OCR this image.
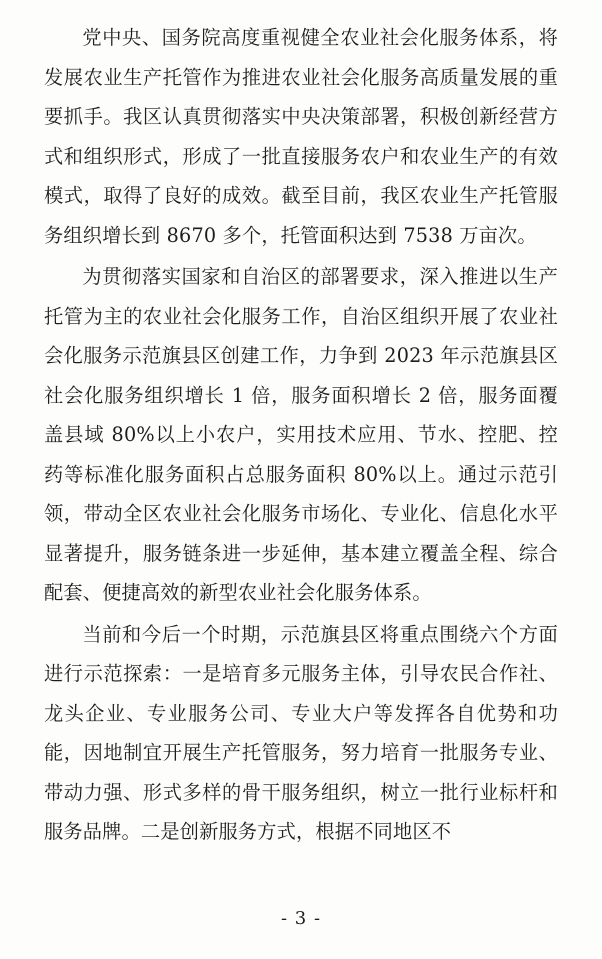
党中央、国务院高度重视健全农业社会化服务体系，将发展农业生产托管作为推进农业社会化服务高质量发展的重要抓手。我区认真贯彻落实中央决策部署，积极创新经营方式和组织形式，形成了一批直接服务农户和农业生产的有效模式，取得了良好的成效。截至目前，我区农业生产托管服务组织增长到 8670 多个，托管面积达到 7538 万亩次。

为贯彻落实国家和自治区的部署要求，深入推进以生产托管为主的农业社会化服务工作，自治区组织开展了农业社会化服务示范旗县区创建工作，力争到 2023 年示范旗县区社会化服务组织增长 1 倍，服务面积增长 2 倍，服务面覆盖县域 80%以上小农户，实用技术应用、节水、控肥、控药等标准化服务面积占总服务面积 80%以上。通过示范引领，带动全区农业社会化服务市场化、专业化、信息化水平显著提升，服务链条进一步延伸，基本建立覆盖全程、综合配套、便捷高效的新型农业社会化服务体系。

当前和今后一个时期，示范旗县区将重点围绕六个方面进行示范探索：一是培育多元服务主体，引导农民合作社、龙头企业、专业服务公司、专业大户等发挥各自优势和功能，因地制宜开展生产托管服务，努力培育一批服务专业、带动力强、形式多样的骨干服务组织，树立一批行业标杆和服务品牌。二是创新服务方式，根据不同地区不

- 3 -
